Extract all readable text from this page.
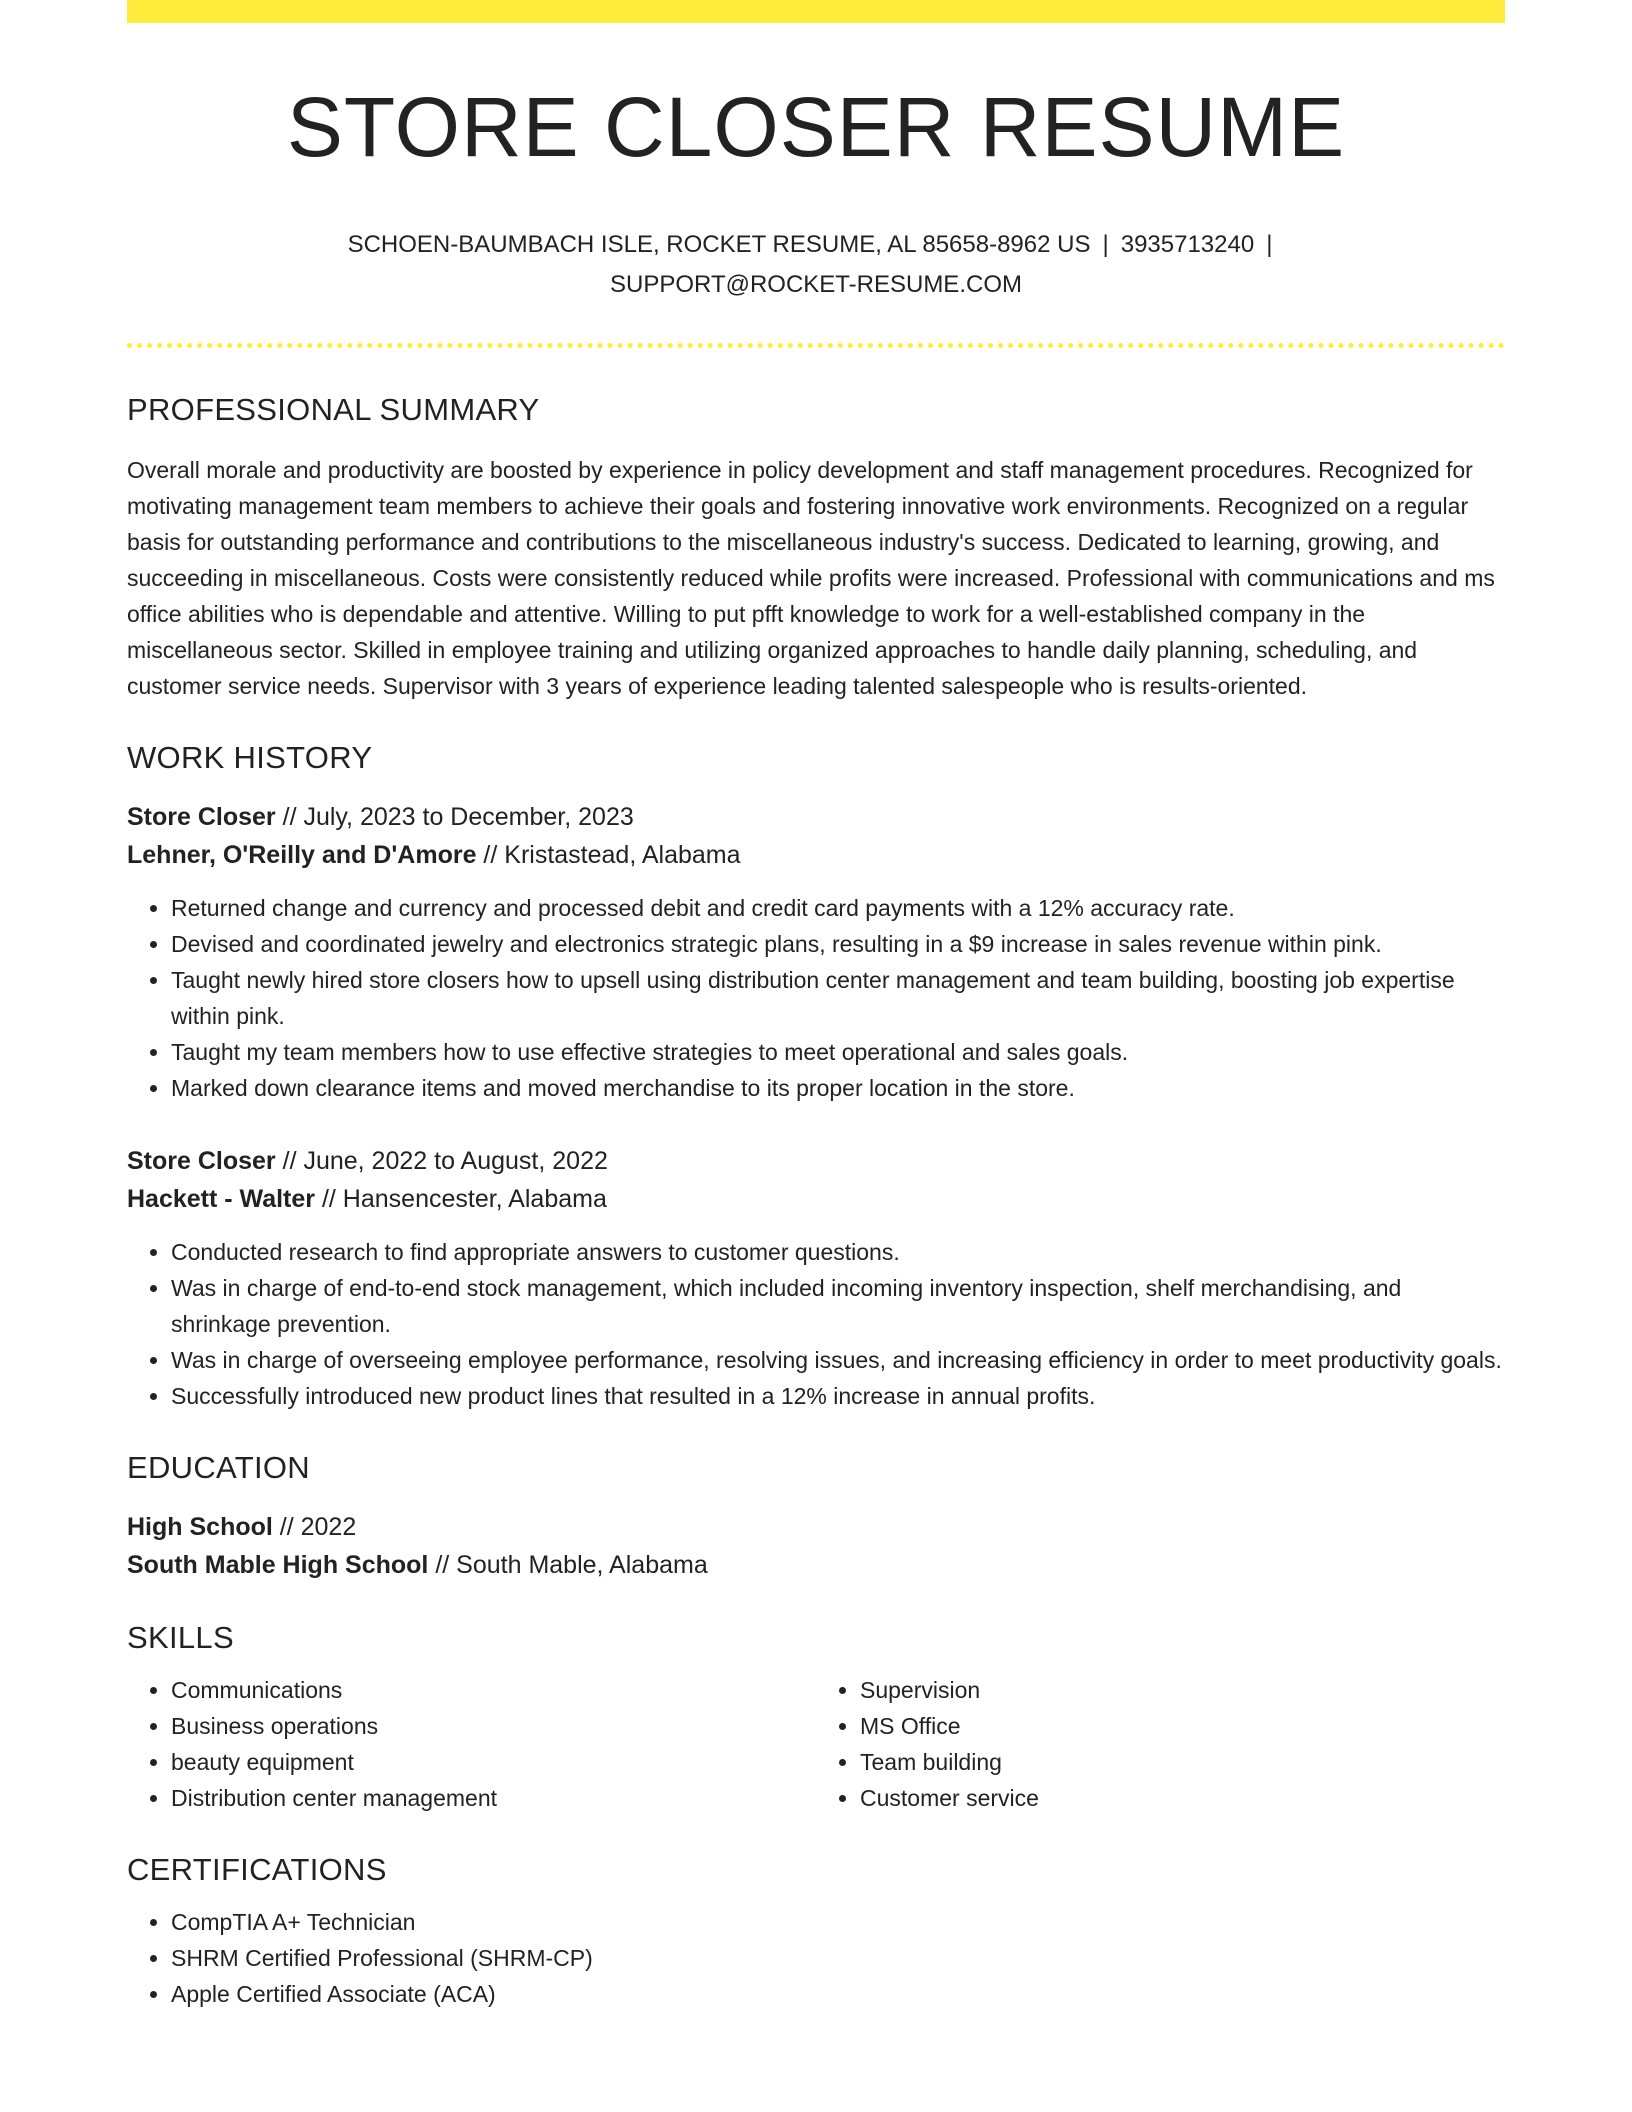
STORE CLOSER RESUME
SCHOEN-BAUMBACH ISLE, ROCKET RESUME, AL 85658-8962 US | 3935713240 |
SUPPORT@ROCKET-RESUME.COM
PROFESSIONAL SUMMARY

Overall morale and productivity are boosted by experience in policy development and staff management procedures. Recognized for motivating management team members to achieve their goals and fostering innovative work environments. Recognized on a regular basis for outstanding performance and contributions to the miscellaneous industry's success. Dedicated to learning, growing, and succeeding in miscellaneous. Costs were consistently reduced while profits were increased. Professional with communications and ms office abilities who is dependable and attentive. Willing to put pfft knowledge to work for a well-established company in the miscellaneous sector. Skilled in employee training and utilizing organized approaches to handle daily planning, scheduling, and customer service needs. Supervisor with 3 years of experience leading talented salespeople who is results-oriented.

WORK HISTORY
Store Closer // July, 2023 to December, 2023
Lehner, O'Reilly and D'Amore // Kristastead, Alabama
• Returned change and currency and processed debit and credit card payments with a 12% accuracy rate.
• Devised and coordinated jewelry and electronics strategic plans, resulting in a $9 increase in sales revenue within pink.
• Taught newly hired store closers how to upsell using distribution center management and team building, boosting job expertise within pink.
• Taught my team members how to use effective strategies to meet operational and sales goals.
• Marked down clearance items and moved merchandise to its proper location in the store.
Store Closer // June, 2022 to August, 2022
Hackett - Walter // Hansencester, Alabama
• Conducted research to find appropriate answers to customer questions.
• Was in charge of end-to-end stock management, which included incoming inventory inspection, shelf merchandising, and shrinkage prevention.
• Was in charge of overseeing employee performance, resolving issues, and increasing efficiency in order to meet productivity goals.
• Successfully introduced new product lines that resulted in a 12% increase in annual profits.
EDUCATION
High School // 2022
South Mable High School // South Mable, Alabama
SKILLS
• Communications
• Business operations
• beauty equipment
• Distribution center management
• Supervision
• MS Office
• Team building
• Customer service
CERTIFICATIONS
• CompTIA A+ Technician
• SHRM Certified Professional (SHRM-CP)
• Apple Certified Associate (ACA)
